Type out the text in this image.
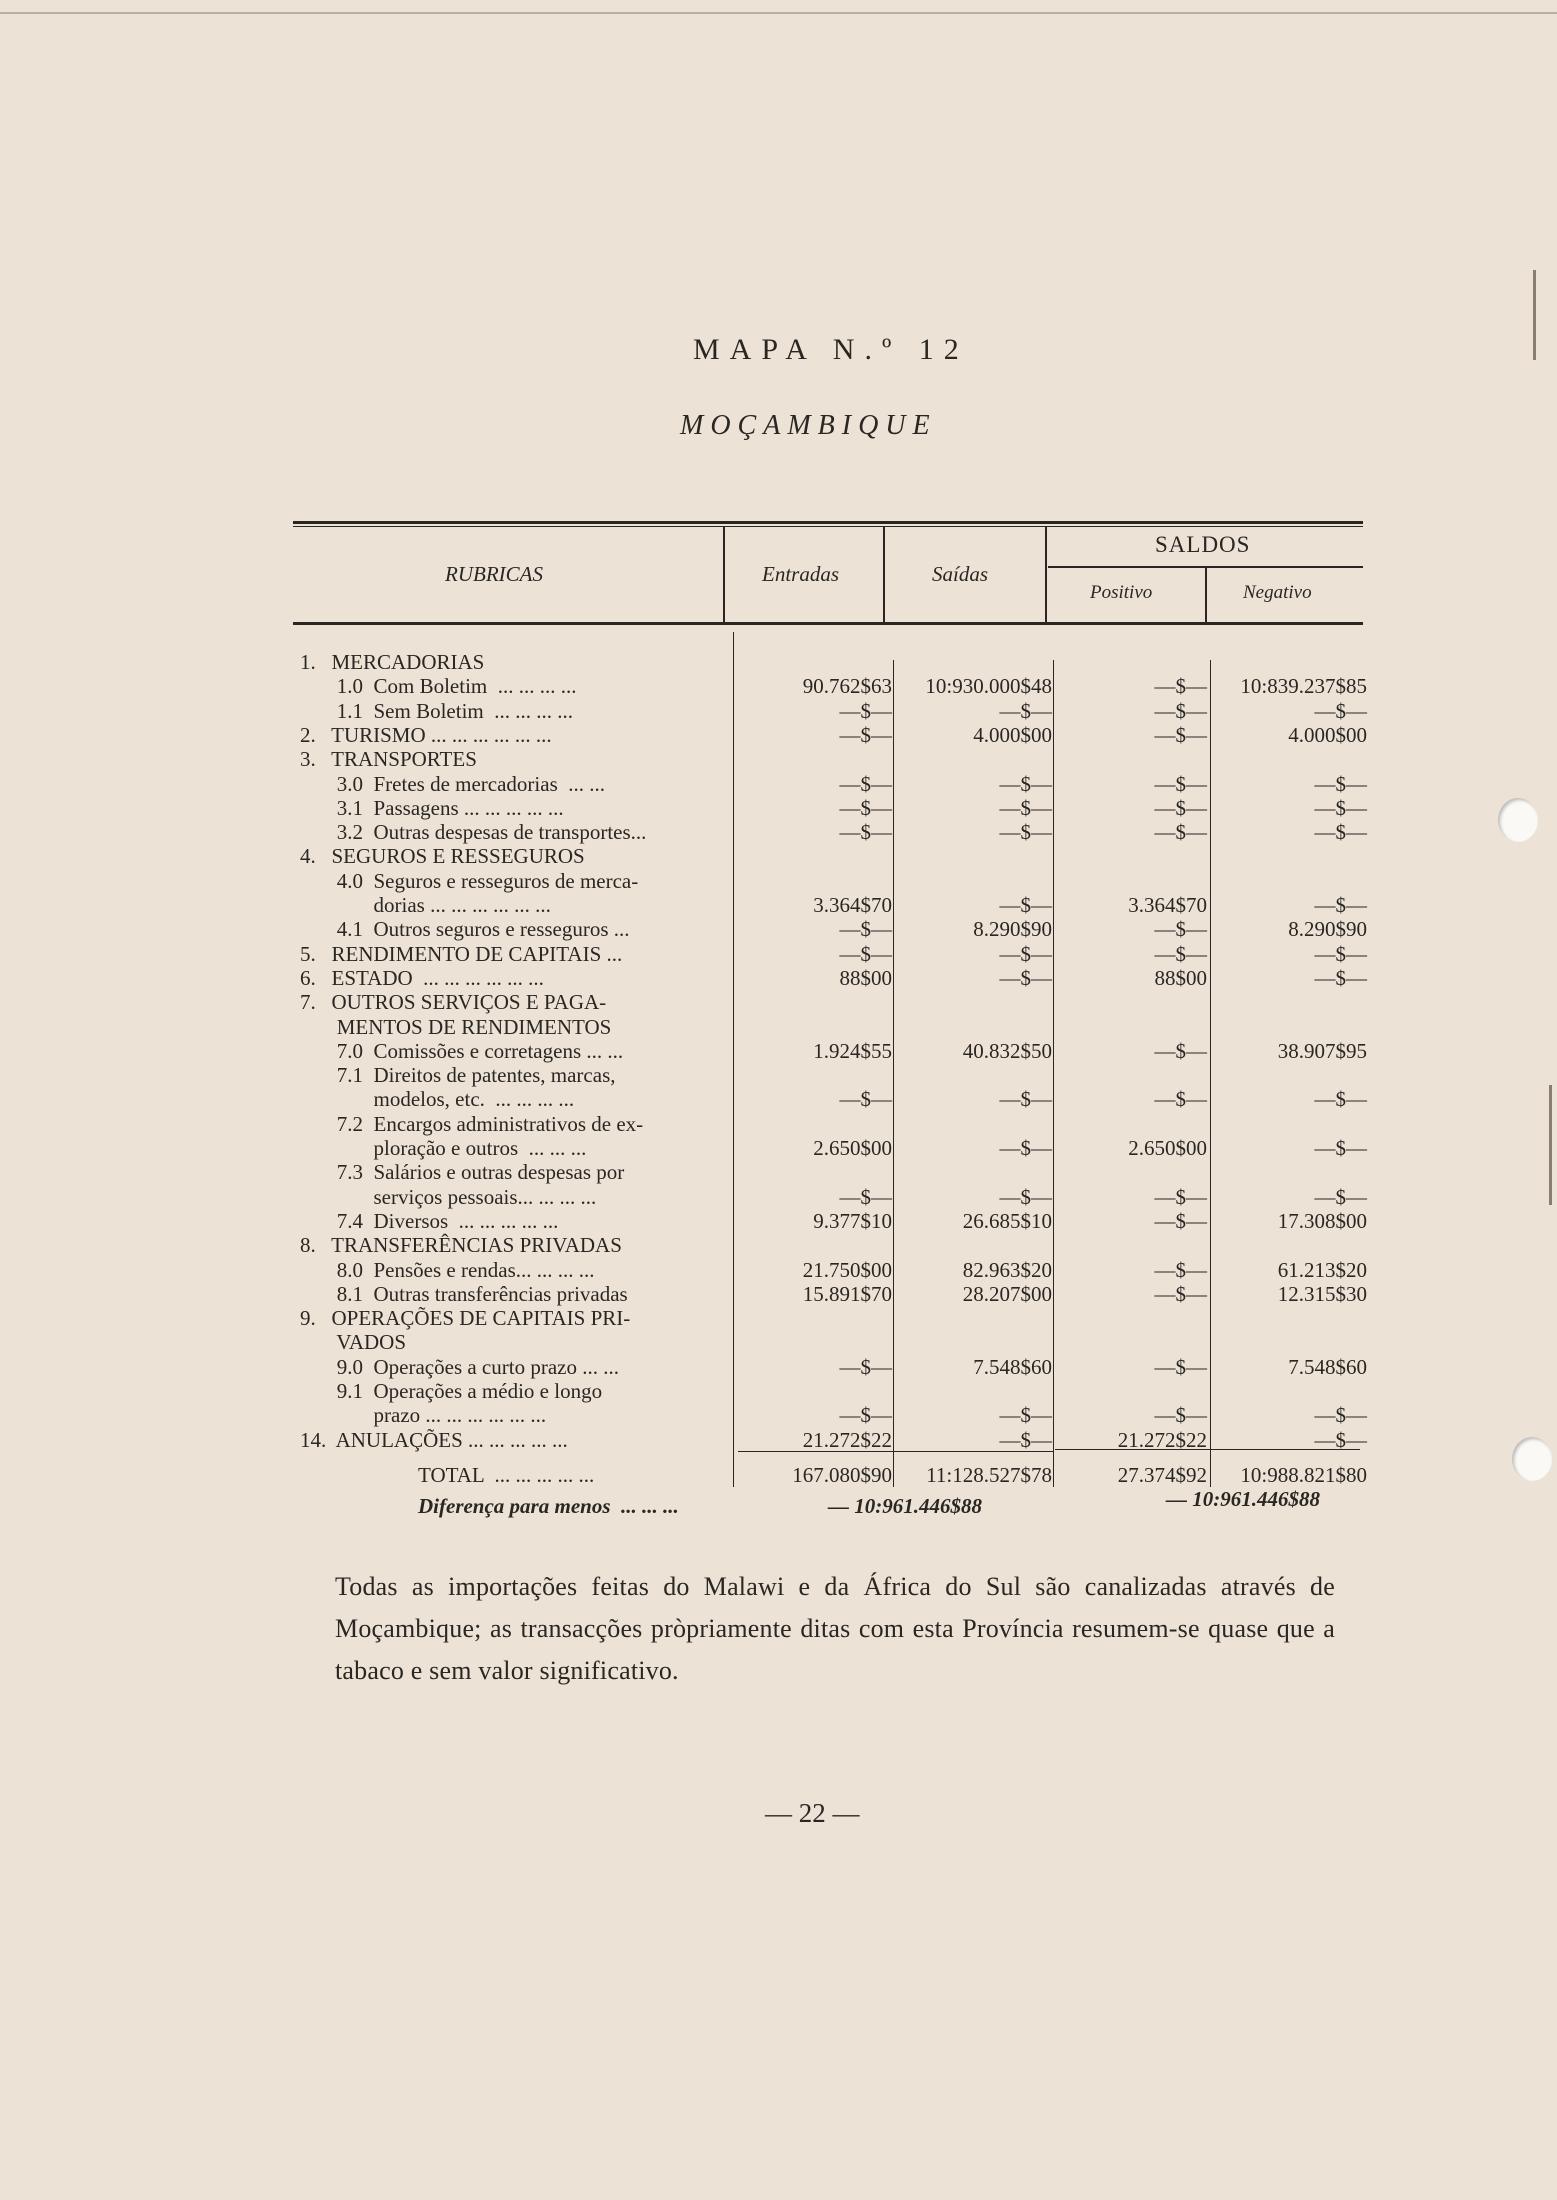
MAPA N.º 12
MOÇAMBIQUE
RUBRICAS	Entradas	Saídas
SALDOS
Positivo	Negativo
1.   MERCADORIAS
1.0  Com Boletim  ... ... ... ...	90.762$63 10:930.000$48	—$— 10:839.237$85
1.1  Sem Boletim  ... ... ... ...	—$—	—$—	—$—	—$—
2.   TURISMO ... ... ... ... ... ...	—$—	4.000$00	—$—	4.000$00
3.   TRANSPORTES
3.0  Fretes de mercadorias  ... ...	—$—	—$—	—$—	—$—
3.1  Passagens ... ... ... ... ...	—$—	—$—	—$—	—$—
3.2  Outras despesas de transportes...	—$—	—$—	—$—	—$—
4.   SEGUROS E RESSEGUROS
4.0  Seguros e resseguros de merca-
dorias ... ... ... ... ... ...	3.364$70	—$—	3.364$70	—$—
4.1  Outros seguros e resseguros ...	—$—	8.290$90	—$—	8.290$90
5.   RENDIMENTO DE CAPITAIS ...	—$—	—$—	—$—	—$—
6.   ESTADO  ... ... ... ... ... ...	88$00	—$—	88$00	—$—
7.   OUTROS SERVIÇOS E PAGA-
MENTOS DE RENDIMENTOS
7.0  Comissões e corretagens ... ...	1.924$55	40.832$50	—$—	38.907$95
7.1  Direitos de patentes, marcas,
modelos, etc.  ... ... ... ...	—$—	—$—	—$—	—$—
7.2  Encargos administrativos de ex-
ploração e outros  ... ... ...	2.650$00	—$—	2.650$00	—$—
7.3  Salários e outras despesas por
serviços pessoais... ... ... ...	—$—	—$—	—$—	—$—
7.4  Diversos  ... ... ... ... ...	9.377$10	26.685$10	—$—	17.308$00
8.   TRANSFERÊNCIAS PRIVADAS
8.0  Pensões e rendas... ... ... ...	21.750$00	82.963$20	—$—	61.213$20
8.1  Outras transferências privadas	15.891$70	28.207$00	—$—	12.315$30
9.   OPERAÇÕES DE CAPITAIS PRI-
VADOS
9.0  Operações a curto prazo ... ...	—$—	7.548$60	—$—	7.548$60
9.1  Operações a médio e longo
prazo ... ... ... ... ... ...	—$—	—$—	—$—	—$—
14.  ANULAÇÕES ... ... ... ... ...	21.272$22	—$—	21.272$22	—$—
TOTAL  ... ... ... ... ...	167.080$90 11:128.527$78	27.374$92 10:988.821$80
Diferença para menos  ... ... ...	— 10:961.446$88	— 10:961.446$88
Todas as importações feitas do Malawi e da África do Sul são canalizadas através de Moçambique; as transacções pròpriamente ditas com esta Província resumem-se quase que a tabaco e sem valor significativo.
— 22 —
